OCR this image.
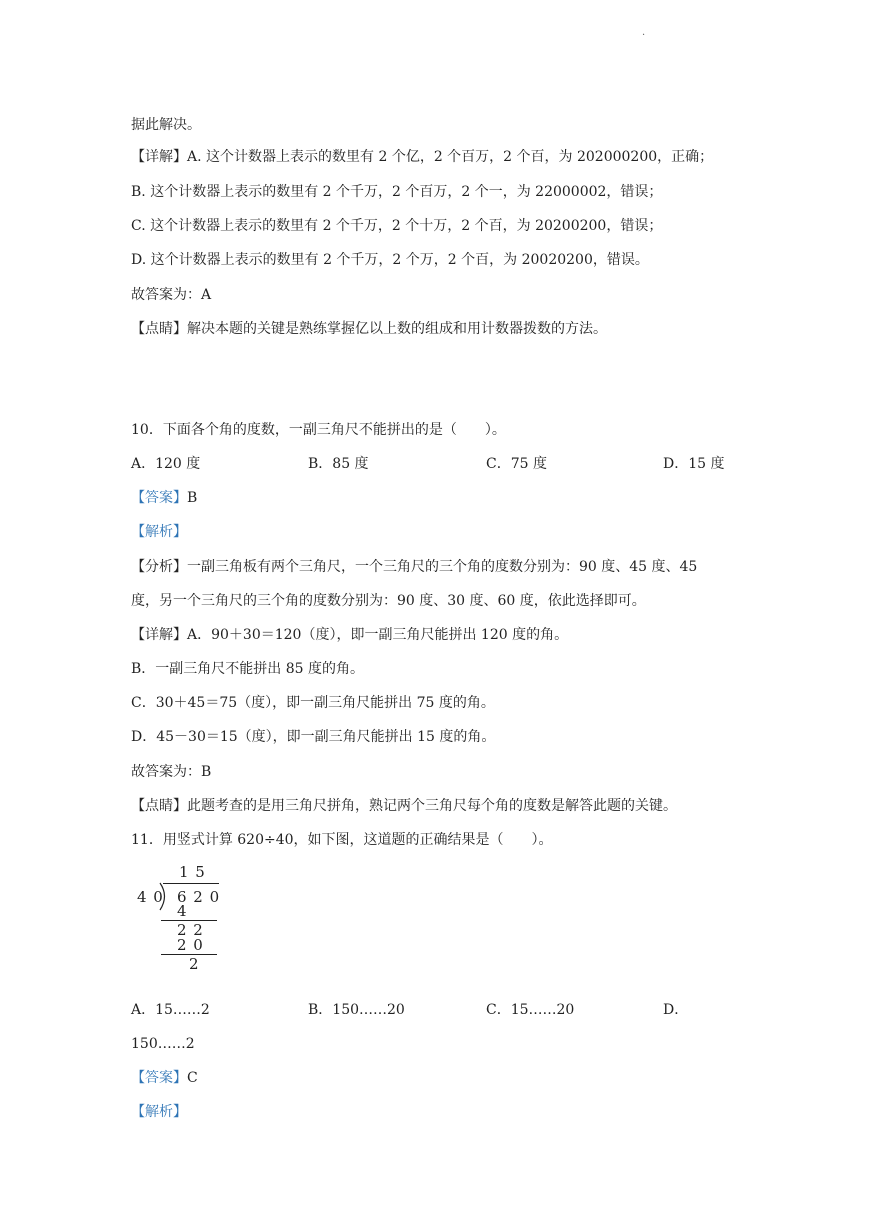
·
据此解决。
【详解】A. 这个计数器上表示的数里有 2 个亿，2 个百万，2 个百，为 202000200，正确；
B. 这个计数器上表示的数里有 2 个千万，2 个百万，2 个一，为 22000002，错误；
C. 这个计数器上表示的数里有 2 个千万，2 个十万，2 个百，为 20200200，错误；
D. 这个计数器上表示的数里有 2 个千万，2 个万，2 个百，为 20020200，错误。
故答案为：A
【点睛】解决本题的关键是熟练掌握亿以上数的组成和用计数器拨数的方法。
10．下面各个角的度数，一副三角尺不能拼出的是（　　）。
A．120 度	B．85 度	C．75 度	D．15 度
【答案】B
【解析】
【分析】一副三角板有两个三角尺，一个三角尺的三个角的度数分别为：90 度、45 度、45
度，另一个三角尺的三个角的度数分别为：90 度、30 度、60 度，依此选择即可。
【详解】A．90＋30＝120（度），即一副三角尺能拼出 120 度的角。
B．一副三角尺不能拼出 85 度的角。
C．30＋45＝75（度），即一副三角尺能拼出 75 度的角。
D．45－30＝15（度），即一副三角尺能拼出 15 度的角。
故答案为：B
【点睛】此题考查的是用三角尺拼角，熟记两个三角尺每个角的度数是解答此题的关键。
11．用竖式计算 620÷40，如下图，这道题的正确结果是（　　）。
1 5
4 0 6 2 0
4
2 2
2 0
2
A．15……2	B．150……20	C．15……20	D．
150……2
【答案】C
【解析】
